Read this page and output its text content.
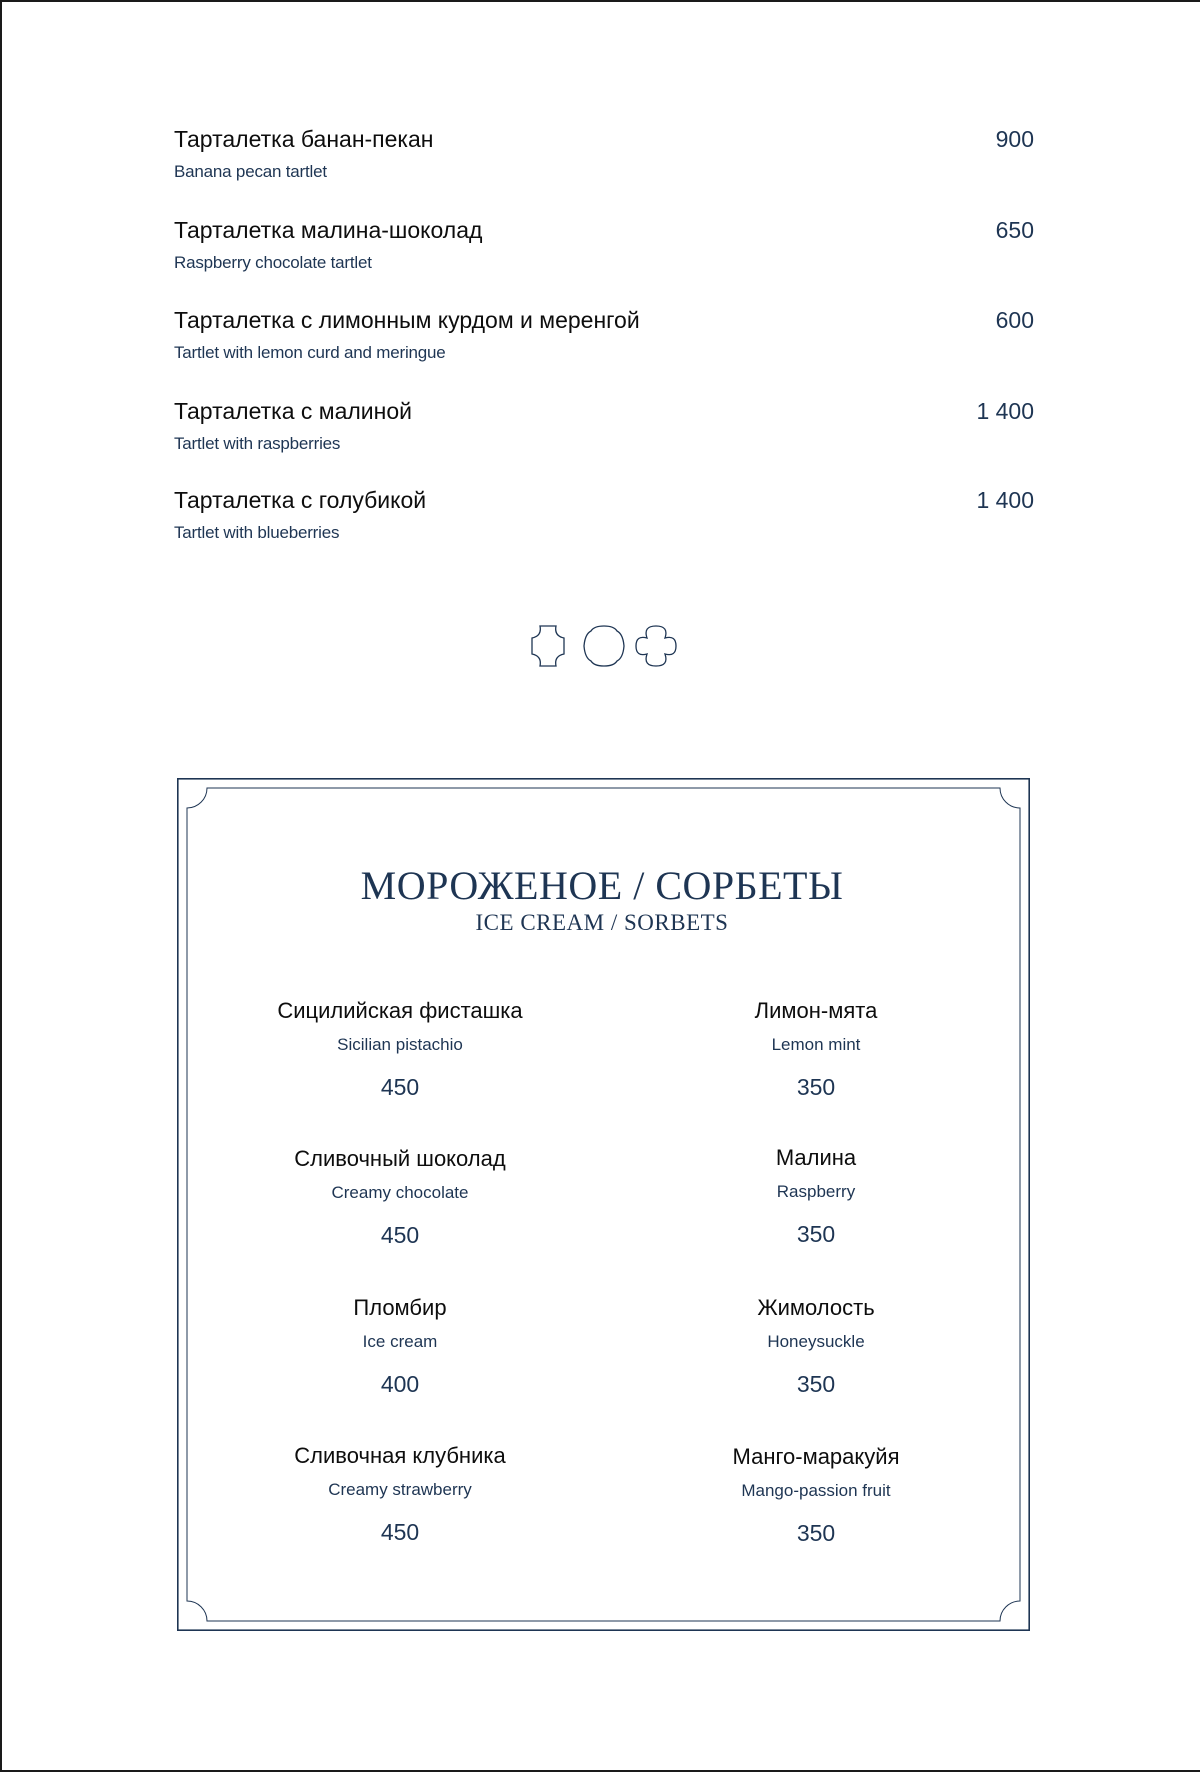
Тарталетка банан-пекан
Banana pecan tartlet
900
Тарталетка малина-шоколад
Raspberry chocolate tartlet
650
Тарталетка с лимонным курдом и меренгой
Tartlet with lemon curd and meringue
600
Тарталетка с малиной
Tartlet with raspberries
1 400
Тарталетка с голубикой
Tartlet with blueberries
1 400
МОРОЖЕНОЕ / СОРБЕТЫ
ICE CREAM / SORBETS
Сицилийская фисташка
Sicilian pistachio
450
Сливочный шоколад
Creamy chocolate
450
Пломбир
Ice cream
400
Сливочная клубника
Creamy strawberry
450
Лимон-мята
Lemon mint
350
Малина
Raspberry
350
Жимолость
Honeysuckle
350
Манго-маракуйя
Mango-passion fruit
350
